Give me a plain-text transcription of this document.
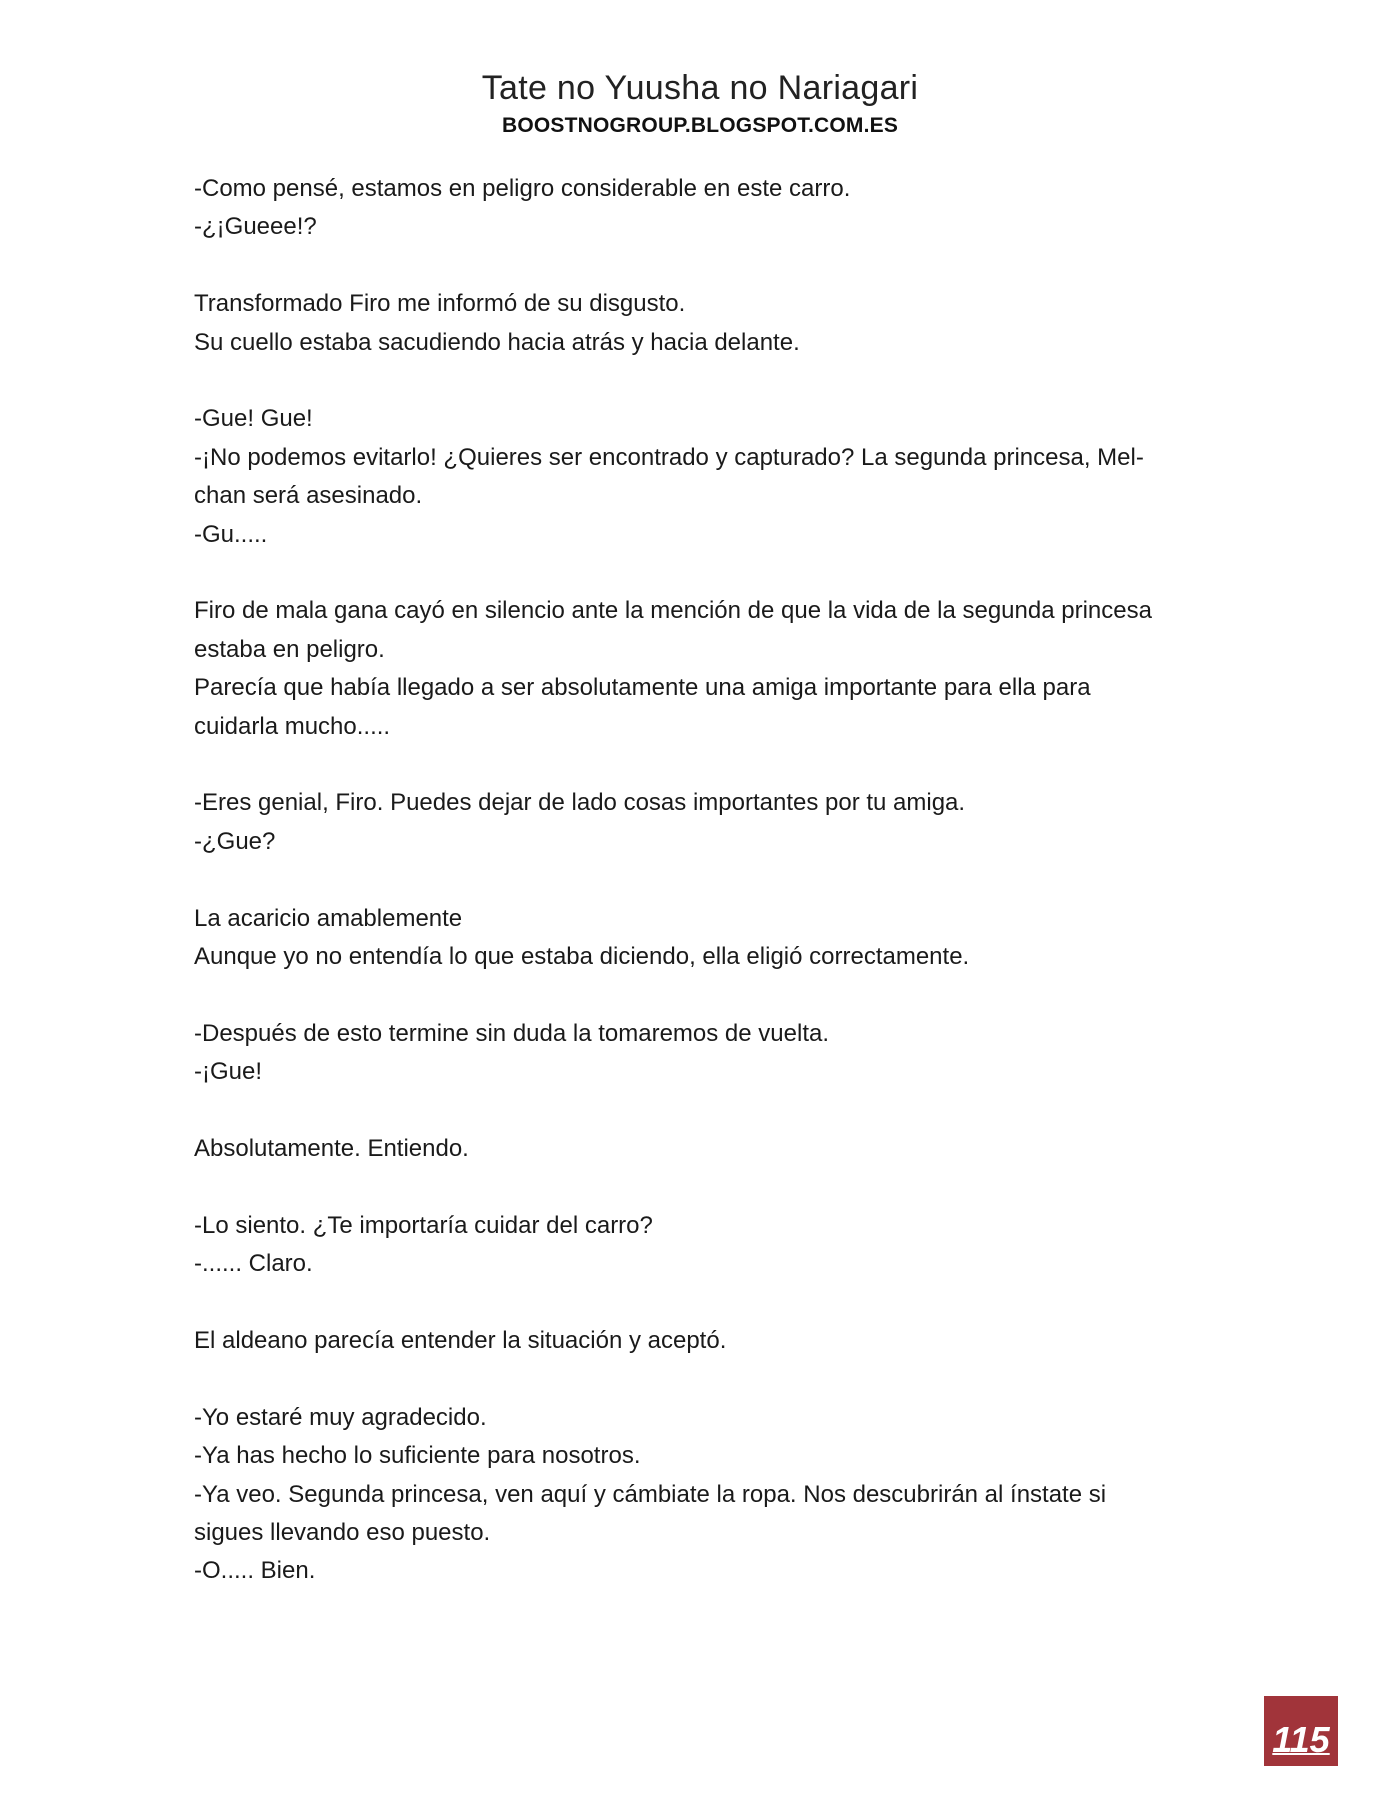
Tate no Yuusha no Nariagari
BOOSTNOGROUP.BLOGSPOT.COM.ES
-Como pensé, estamos en peligro considerable en este carro.
-¿¡Gueee!?
Transformado Firo me informó de su disgusto.
Su cuello estaba sacudiendo hacia atrás y hacia delante.
-Gue! Gue!
-¡No podemos evitarlo! ¿Quieres ser encontrado y capturado? La segunda princesa, Mel-
chan será asesinado.
-Gu.....
Firo de mala gana cayó en silencio ante la mención de que la vida de la segunda princesa
estaba en peligro.
Parecía que había llegado a ser absolutamente una amiga importante para ella para
cuidarla mucho.....
-Eres genial, Firo. Puedes dejar de lado cosas importantes por tu amiga.
-¿Gue?
La acaricio amablemente
Aunque yo no entendía lo que estaba diciendo, ella eligió correctamente.
-Después de esto termine sin duda la tomaremos de vuelta.
-¡Gue!
Absolutamente. Entiendo.
-Lo siento. ¿Te importaría cuidar del carro?
-...... Claro.
El aldeano parecía entender la situación y aceptó.
-Yo estaré muy agradecido.
-Ya has hecho lo suficiente para nosotros.
-Ya veo. Segunda princesa, ven aquí y cámbiate la ropa. Nos descubrirán al ínstate si
sigues llevando eso puesto.
-O..... Bien.
115
